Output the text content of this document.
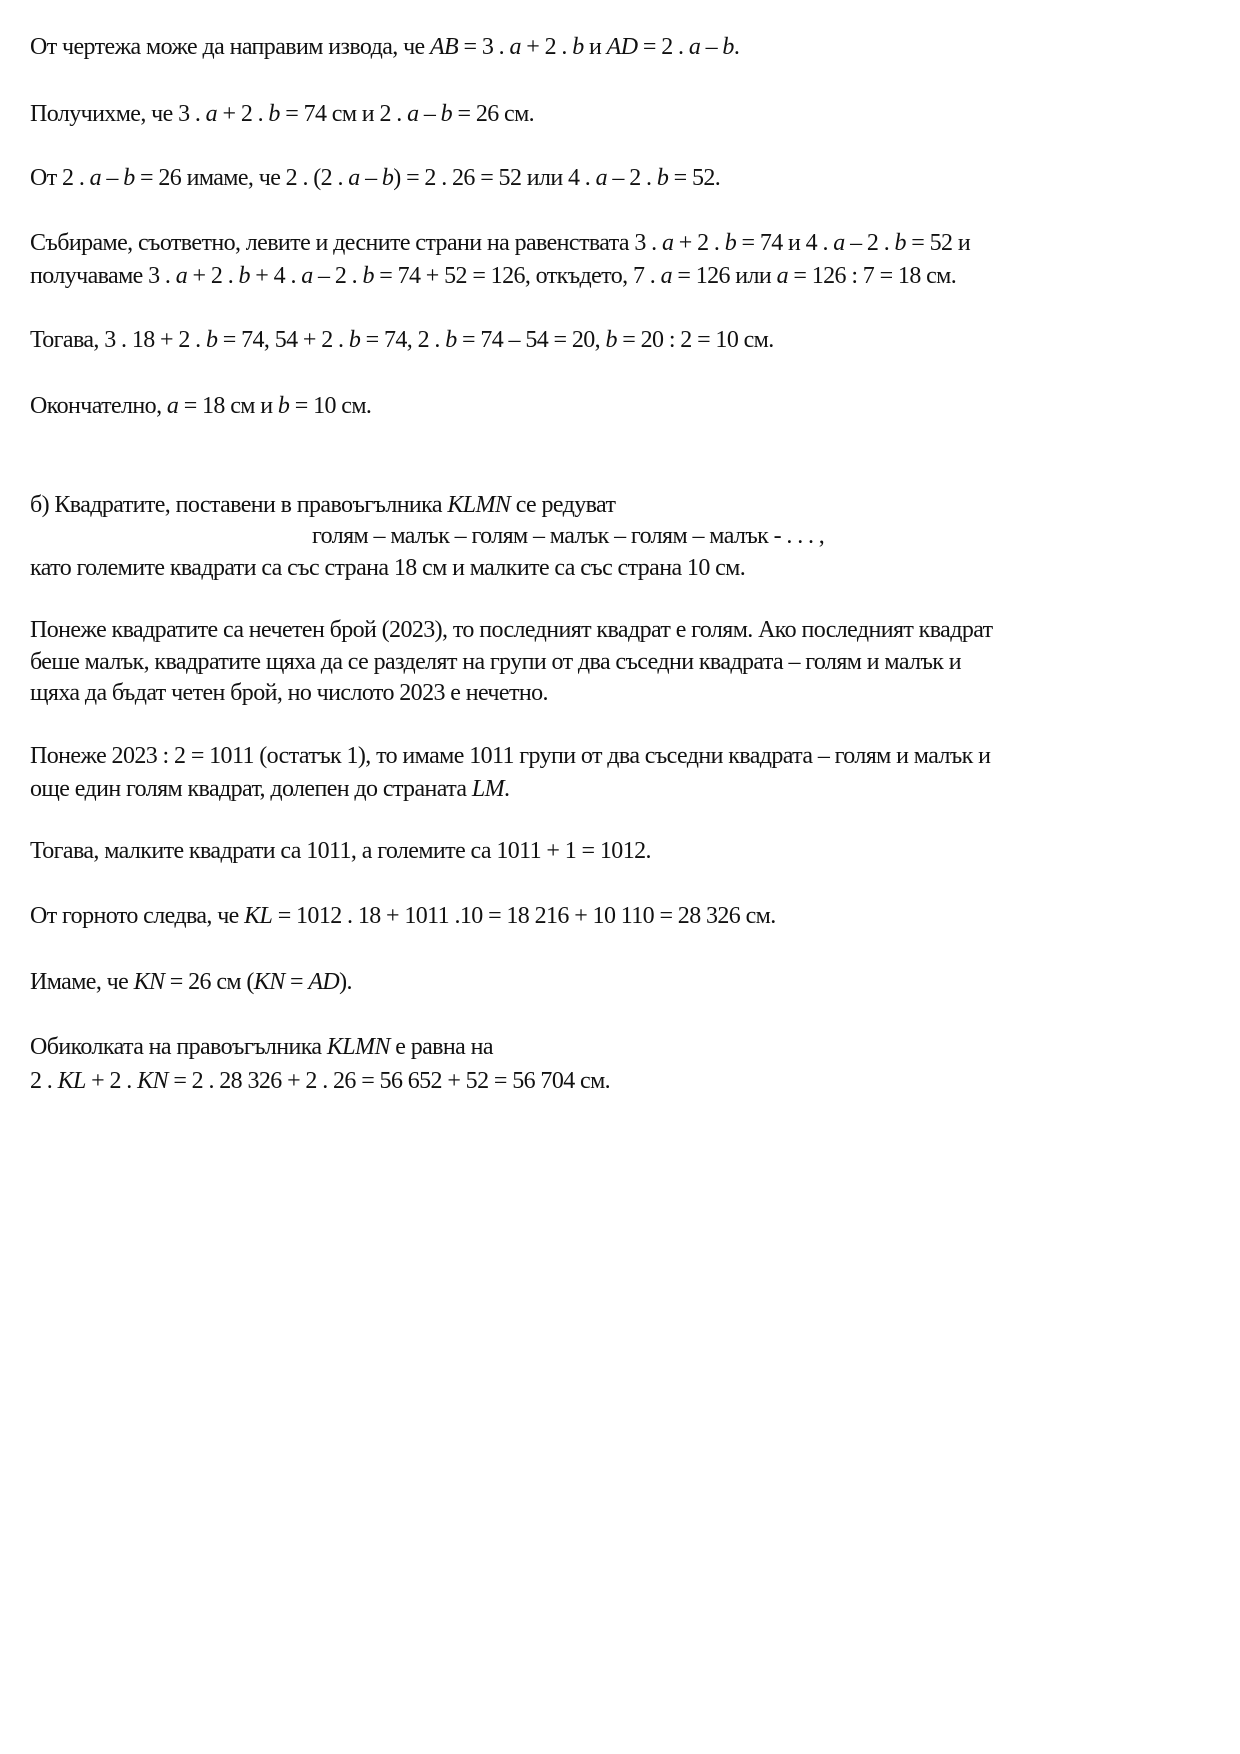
От чертежа може да направим извода, че AB = 3 . a + 2 . b и AD = 2 . a – b.
Получихме, че 3 . a + 2 . b = 74 см и 2 . a – b = 26 см.
От 2 . a – b = 26 имаме, че 2 . (2 . a – b) = 2 . 26 = 52 или 4 . a – 2 . b = 52.
Събираме, съответно, левите и десните страни на равенствата 3 . a + 2 . b = 74 и 4 . a – 2 . b = 52 и
получаваме 3 . a + 2 . b + 4 . a – 2 . b = 74 + 52 = 126, откъдето, 7 . a = 126 или a = 126 : 7 = 18 см.
Тогава, 3 . 18 + 2 . b = 74, 54 + 2 . b = 74, 2 . b = 74 – 54 = 20, b = 20 : 2 = 10 см.
Окончателно, a = 18 см и b = 10 см.
б) Квадратите, поставени в правоъгълника KLMN се редуват
голям – малък – голям – малък – голям – малък - . . . ,
като големите квадрати са със страна 18 см и малките са със страна 10 см.
Понеже квадратите са нечетен брой (2023), то последният квадрат е голям. Ако последният квадрат
беше малък, квадратите щяха да се разделят на групи от два съседни квадрата – голям и малък и
щяха да бъдат четен брой, но числото 2023 е нечетно.
Понеже 2023 : 2 = 1011 (остатък 1), то имаме 1011 групи от два съседни квадрата – голям и малък и
още един голям квадрат, долепен до страната LM.
Тогава, малките квадрати са 1011, а големите са 1011 + 1 = 1012.
От горното следва, че KL = 1012 . 18 + 1011 .10 = 18 216 + 10 110 = 28 326 см.
Имаме, че KN = 26 см (KN = AD).
Обиколката на правоъгълника KLMN е равна на
2 . KL + 2 . KN = 2 . 28 326 + 2 . 26 = 56 652 + 52 = 56 704 см.
